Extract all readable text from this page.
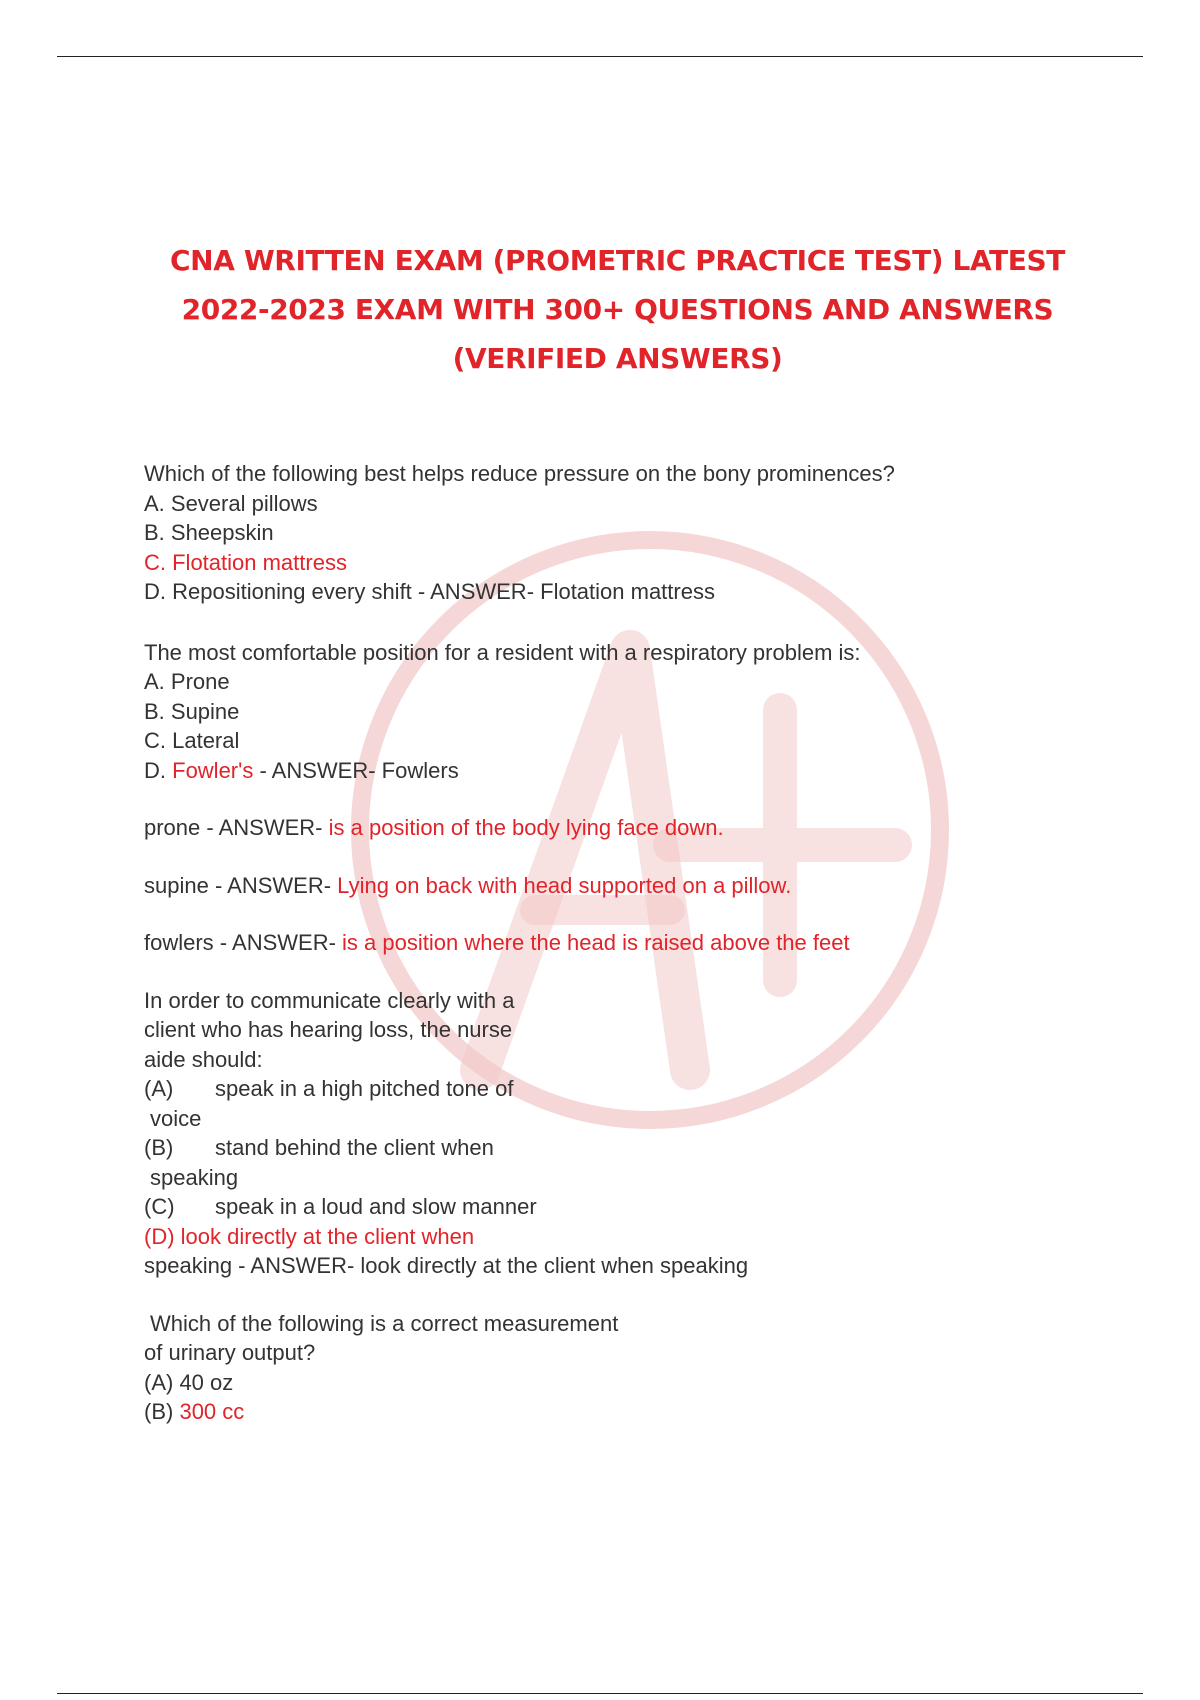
CNA WRITTEN EXAM (PROMETRIC PRACTICE TEST) LATEST
2022-2023 EXAM WITH 300+ QUESTIONS AND ANSWERS
(VERIFIED ANSWERS)
Which of the following best helps reduce pressure on the bony prominences?
A. Several pillows
B. Sheepskin
C. Flotation mattress
D. Repositioning every shift - ANSWER- Flotation mattress
The most comfortable position for a resident with a respiratory problem is:
A. Prone
B. Supine
C. Lateral
D. Fowler's - ANSWER- Fowlers
prone - ANSWER- is a position of the body lying face down.
supine - ANSWER- Lying on back with head supported on a pillow.
fowlers - ANSWER- is a position where the head is raised above the feet
In order to communicate clearly with a
client who has hearing loss, the nurse
aide should:
(A) speak in a high pitched tone of
voice
(B) stand behind the client when
speaking
(C) speak in a loud and slow manner
(D) look directly at the client when
speaking - ANSWER- look directly at the client when speaking
Which of the following is a correct measurement
of urinary output?
(A) 40 oz
(B) 300 cc
